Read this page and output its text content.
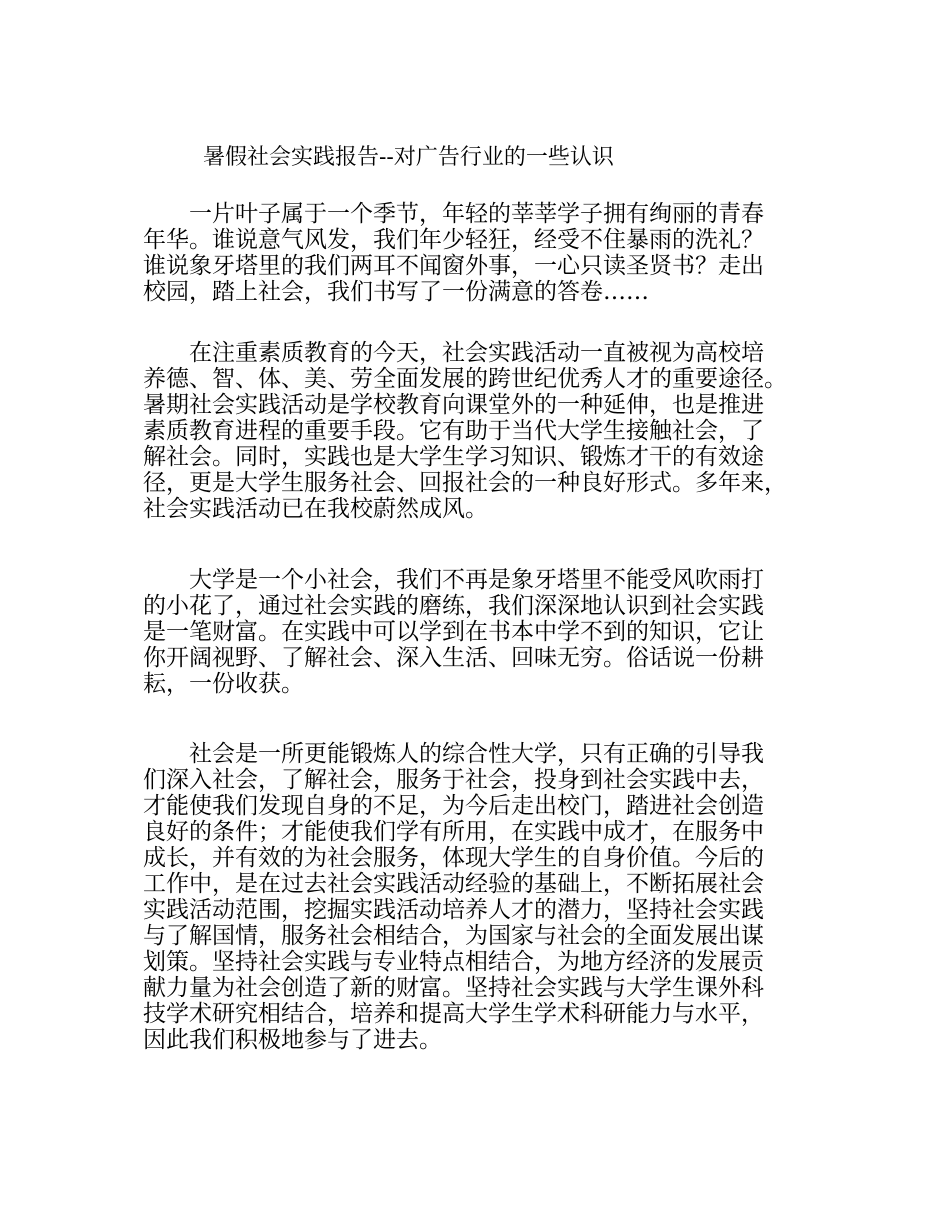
暑假社会实践报告--对广告行业的一些认识
一片叶子属于一个季节，年轻的莘莘学子拥有绚丽的青春
年华。谁说意气风发，我们年少轻狂，经受不住暴雨的洗礼？
谁说象牙塔里的我们两耳不闻窗外事，一心只读圣贤书？走出
校园，踏上社会，我们书写了一份满意的答卷……
在注重素质教育的今天，社会实践活动一直被视为高校培
养德、智、体、美、劳全面发展的跨世纪优秀人才的重要途径。
暑期社会实践活动是学校教育向课堂外的一种延伸，也是推进
素质教育进程的重要手段。它有助于当代大学生接触社会，了
解社会。同时，实践也是大学生学习知识、锻炼才干的有效途
径，更是大学生服务社会、回报社会的一种良好形式。多年来，
社会实践活动已在我校蔚然成风。
大学是一个小社会，我们不再是象牙塔里不能受风吹雨打
的小花了，通过社会实践的磨练，我们深深地认识到社会实践
是一笔财富。在实践中可以学到在书本中学不到的知识，它让
你开阔视野、了解社会、深入生活、回味无穷。俗话说一份耕
耘，一份收获。
社会是一所更能锻炼人的综合性大学，只有正确的引导我
们深入社会，了解社会，服务于社会，投身到社会实践中去，
才能使我们发现自身的不足，为今后走出校门，踏进社会创造
良好的条件；才能使我们学有所用，在实践中成才，在服务中
成长，并有效的为社会服务，体现大学生的自身价值。今后的
工作中，是在过去社会实践活动经验的基础上，不断拓展社会
实践活动范围，挖掘实践活动培养人才的潜力，坚持社会实践
与了解国情，服务社会相结合，为国家与社会的全面发展出谋
划策。坚持社会实践与专业特点相结合，为地方经济的发展贡
献力量为社会创造了新的财富。坚持社会实践与大学生课外科
技学术研究相结合，培养和提高大学生学术科研能力与水平，
因此我们积极地参与了进去。
